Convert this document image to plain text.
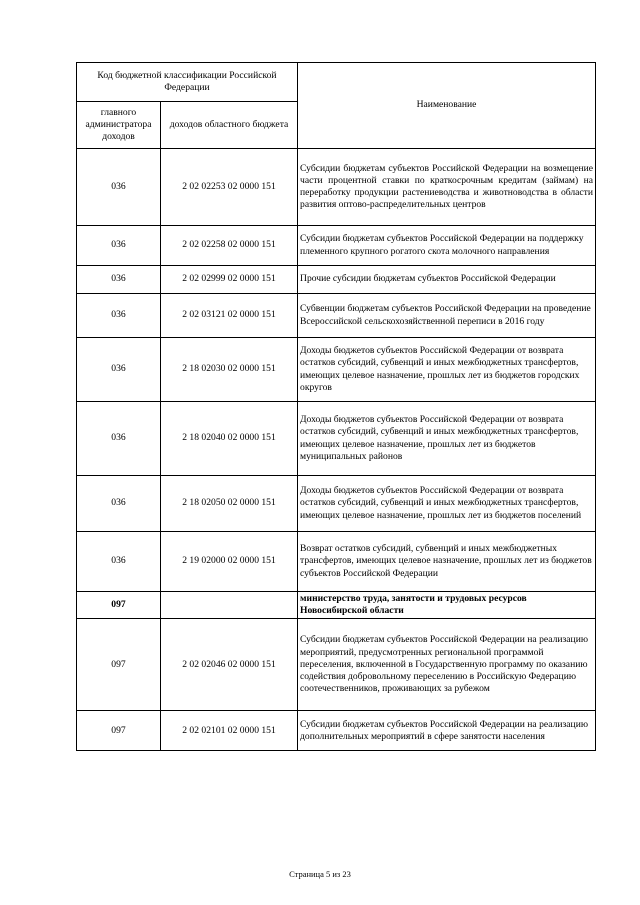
Код бюджетной классификации Российской Федерации		Наименование
главного администратора доходов	доходов областного бюджета	
036	2 02 02253 02 0000 151	Субсидии бюджетам субъектов Российской Федерации на возмещение части процентной ставки по краткосрочным кредитам (займам) на переработку продукции растениеводства и животноводства в области развития оптово-распределительных центров
036	2 02 02258 02 0000 151	Субсидии бюджетам субъектов Российской Федерации на поддержку племенного крупного рогатого скота молочного направления
036	2 02 02999 02 0000 151	Прочие субсидии бюджетам субъектов Российской Федерации
036	2 02 03121 02 0000 151	Субвенции бюджетам субъектов Российской Федерации на проведение Всероссийской сельскохозяйственной переписи в 2016 году
036	2 18 02030 02 0000 151	Доходы бюджетов субъектов Российской Федерации от возврата остатков субсидий, субвенций и иных межбюджетных трансфертов, имеющих целевое назначение, прошлых лет из бюджетов городских округов
036	2 18 02040 02 0000 151	Доходы бюджетов субъектов Российской Федерации от возврата остатков субсидий, субвенций и иных межбюджетных трансфертов, имеющих целевое назначение, прошлых лет из бюджетов муниципальных районов
036	2 18 02050 02 0000 151	Доходы бюджетов субъектов Российской Федерации от возврата остатков субсидий, субвенций и иных межбюджетных трансфертов, имеющих целевое назначение, прошлых лет из бюджетов поселений
036	2 19 02000 02 0000 151	Возврат остатков субсидий, субвенций и иных межбюджетных трансфертов, имеющих целевое назначение, прошлых лет из бюджетов субъектов Российской Федерации
097		министерство труда, занятости и трудовых ресурсов Новосибирской области
097	2 02 02046 02 0000 151	Субсидии бюджетам субъектов Российской Федерации на реализацию мероприятий, предусмотренных региональной программой переселения, включенной в Государственную программу по оказанию содействия добровольному переселению в Российскую Федерацию соотечественников, проживающих за рубежом
097	2 02 02101 02 0000 151	Субсидии бюджетам субъектов Российской Федерации на реализацию дополнительных мероприятий в сфере занятости населения
Страница 5 из 23
